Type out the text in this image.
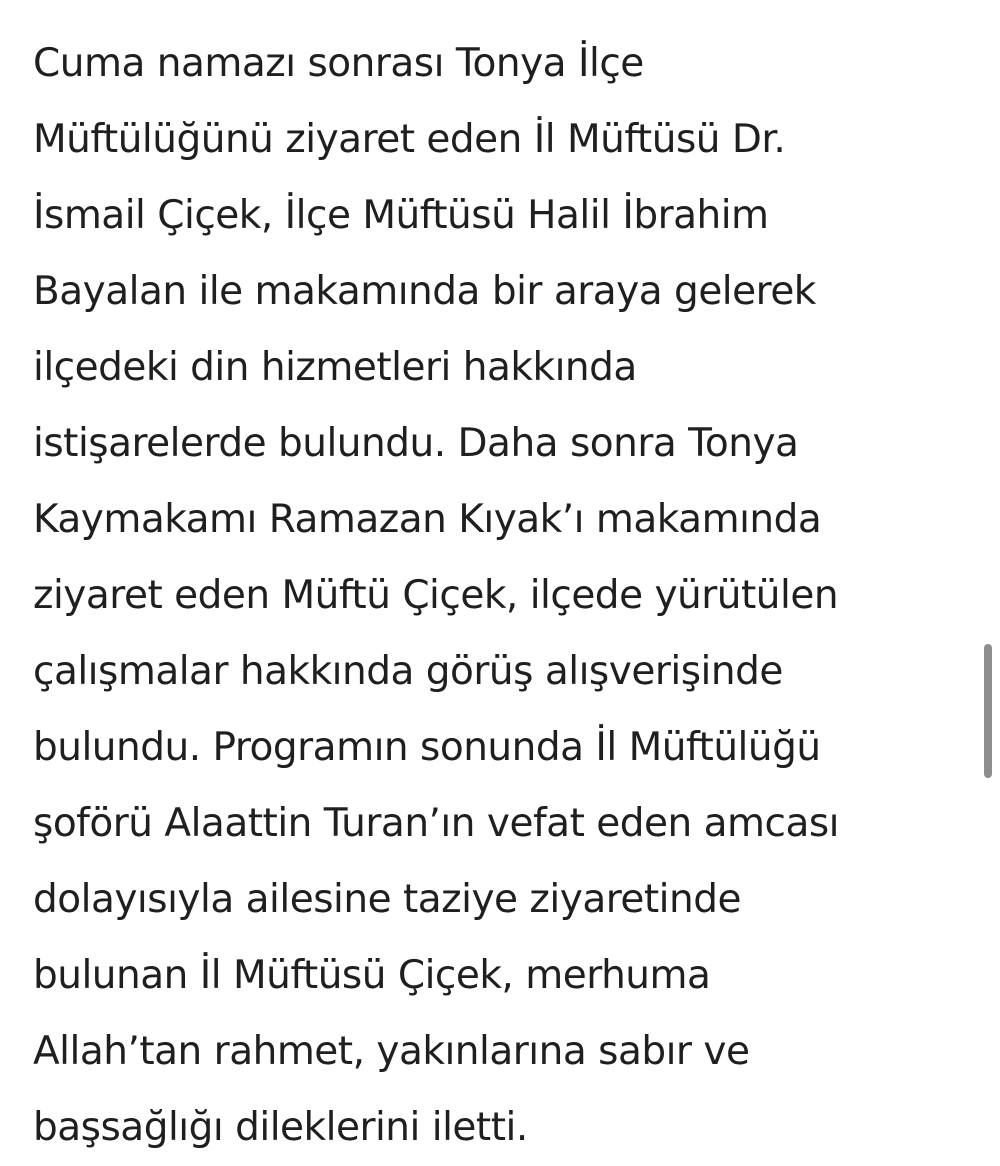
Cuma namazı sonrası Tonya İlçe
Müftülüğünü ziyaret eden İl Müftüsü Dr.
İsmail Çiçek, İlçe Müftüsü Halil İbrahim
Bayalan ile makamında bir araya gelerek
ilçedeki din hizmetleri hakkında
istişarelerde bulundu. Daha sonra Tonya
Kaymakamı Ramazan Kıyak’ı makamında
ziyaret eden Müftü Çiçek, ilçede yürütülen
çalışmalar hakkında görüş alışverişinde
bulundu. Programın sonunda İl Müftülüğü
şoförü Alaattin Turan’ın vefat eden amcası
dolayısıyla ailesine taziye ziyaretinde
bulunan İl Müftüsü Çiçek, merhuma
Allah’tan rahmet, yakınlarına sabır ve
başsağlığı dileklerini iletti.
